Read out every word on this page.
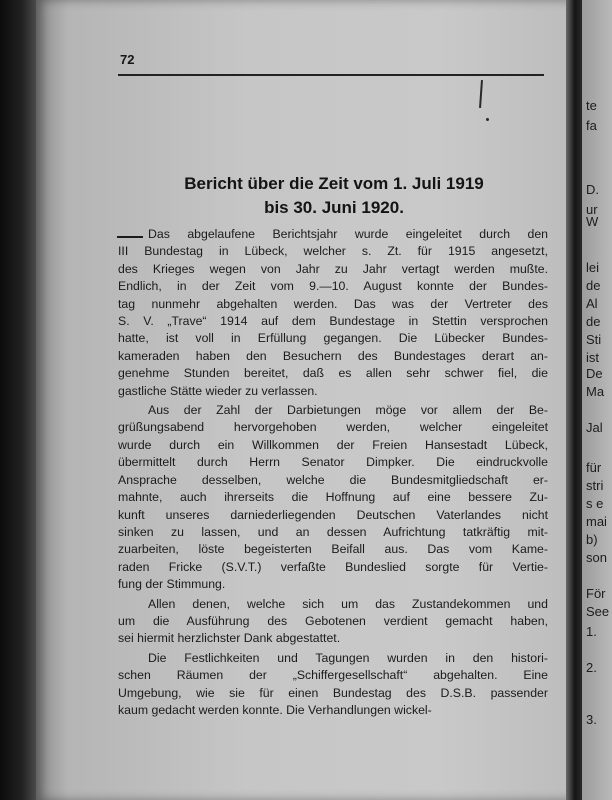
72
Bericht über die Zeit vom 1. Juli 1919
bis 30. Juni 1920.

Das abgelaufene Berichtsjahr wurde eingeleitet durch den
III Bundestag in Lübeck, welcher s. Zt. für 1915 angesetzt,
des Krieges wegen von Jahr zu Jahr vertagt werden mußte.
Endlich, in der Zeit vom 9.—10. August konnte der Bundes-
tag nunmehr abgehalten werden. Das was der Vertreter des
S. V. „Trave“ 1914 auf dem Bundestage in Stettin versprochen
hatte, ist voll in Erfüllung gegangen. Die Lübecker Bundes-
kameraden haben den Besuchern des Bundestages derart an-
genehme Stunden bereitet, daß es allen sehr schwer fiel, die
gastliche Stätte wieder zu verlassen.

Aus der Zahl der Darbietungen möge vor allem der Be-
grüßungsabend hervorgehoben werden, welcher eingeleitet
wurde durch ein Willkommen der Freien Hansestadt Lübeck,
übermittelt durch Herrn Senator Dimpker. Die eindruckvolle
Ansprache desselben, welche die Bundesmitgliedschaft er-
mahnte, auch ihrerseits die Hoffnung auf eine bessere Zu-
kunft unseres darniederliegenden Deutschen Vaterlandes nicht
sinken zu lassen, und an dessen Aufrichtung tatkräftig mit-
zuarbeiten, löste begeisterten Beifall aus. Das vom Kame-
raden Fricke (S.V.T.) verfaßte Bundeslied sorgte für Vertie-
fung der Stimmung.

Allen denen, welche sich um das Zustandekommen und
um die Ausführung des Gebotenen verdient gemacht haben,
sei hiermit herzlichster Dank abgestattet.

Die Festlichkeiten und Tagungen wurden in den histori-
schen Räumen der „Schiffergesellschaft“ abgehalten. Eine
Umgebung, wie sie für einen Bundestag des D.S.B. passender
kaum gedacht werden konnte. Die Verhandlungen wickel-

te
fa
D.
ur
W
lei
de
Al
de
Sti
ist
De
Ma
Jal
für
stri
s e
mai
b)
son
För
See
1.
2.
3.
